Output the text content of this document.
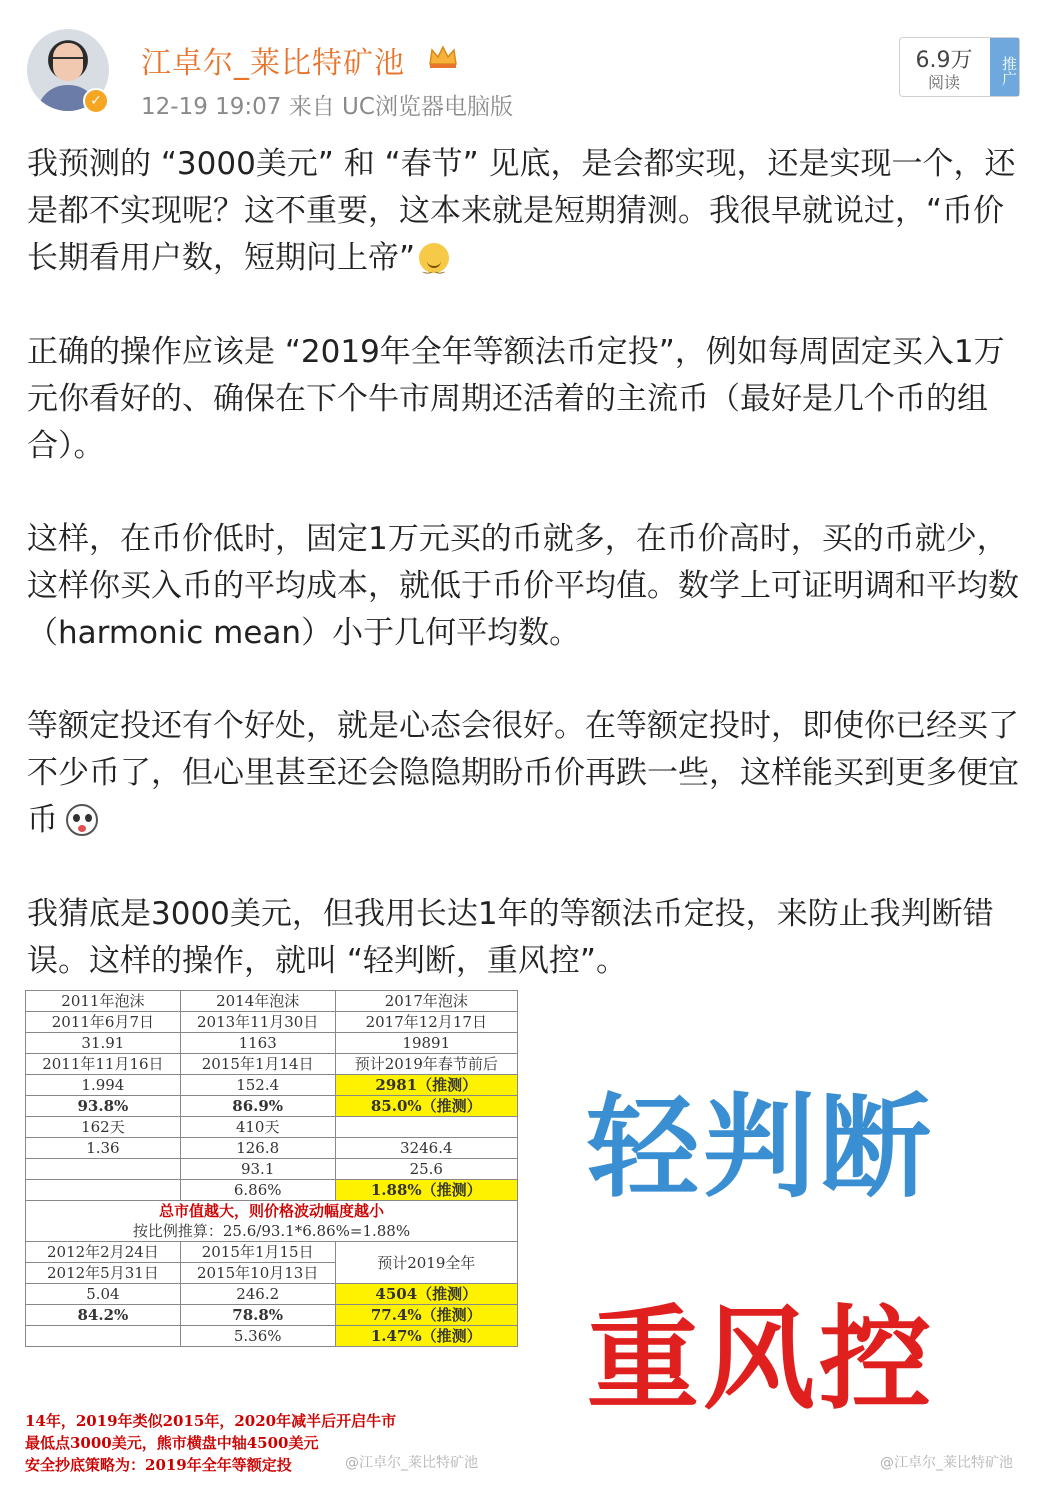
✓
江卓尔_莱比特矿池
12-19 19:07 来自 UC浏览器电脑版
6.9万
阅读	推广

我预测的 “3000美元” 和 “春节” 见底，是会都实现，还是实现一个，还是都不实现呢？这不重要，这本来就是短期猜测。我很早就说过，“币价长期看用户数，短期问上帝”‿ ‿

正确的操作应该是 “2019年全年等额法币定投”，例如每周固定买入1万元你看好的、确保在下个牛市周期还活着的主流币（最好是几个币的组合）。

这样，在币价低时，固定1万元买的币就多，在币价高时，买的币就少，这样你买入币的平均成本，就低于币价平均值。数学上可证明调和平均数（harmonic mean）小于几何平均数。

等额定投还有个好处，就是心态会很好。在等额定投时，即使你已经买了不少币了，但心里甚至还会隐隐期盼币价再跌一些，这样能买到更多便宜币

我猜底是3000美元，但我用长达1年的等额法币定投，来防止我判断错误。这样的操作，就叫 “轻判断，重风控”。

2011年泡沫	2014年泡沫	2017年泡沫
2011年6月7日	2013年11月30日	2017年12月17日
31.91	1163	19891
2011年11月16日	2015年1月14日	预计2019年春节前后
1.994	152.4	2981（推测）
93.8%	86.9%	85.0%（推测）
162天	410天	
1.36	126.8	3246.4
	93.1	25.6
	6.86%	1.88%（推测）

总市值越大，则价格波动幅度越小
按比例推算：25.6/93.1*6.86%=1.88%		

2012年2月24日	2015年1月15日	预计2019全年
2012年5月31日	2015年10月13日	
5.04	246.2	4504（推测）
84.2%	78.8%	77.4%（推测）
	5.36%	1.47%（推测）
14年，2019年类似2015年，2020年减半后开启牛市
最低点3000美元，熊市横盘中轴4500美元
安全抄底策略为：2019年全年等额定投	@江卓尔_莱比特矿池	@江卓尔_莱比特矿池
轻判断
重风控
